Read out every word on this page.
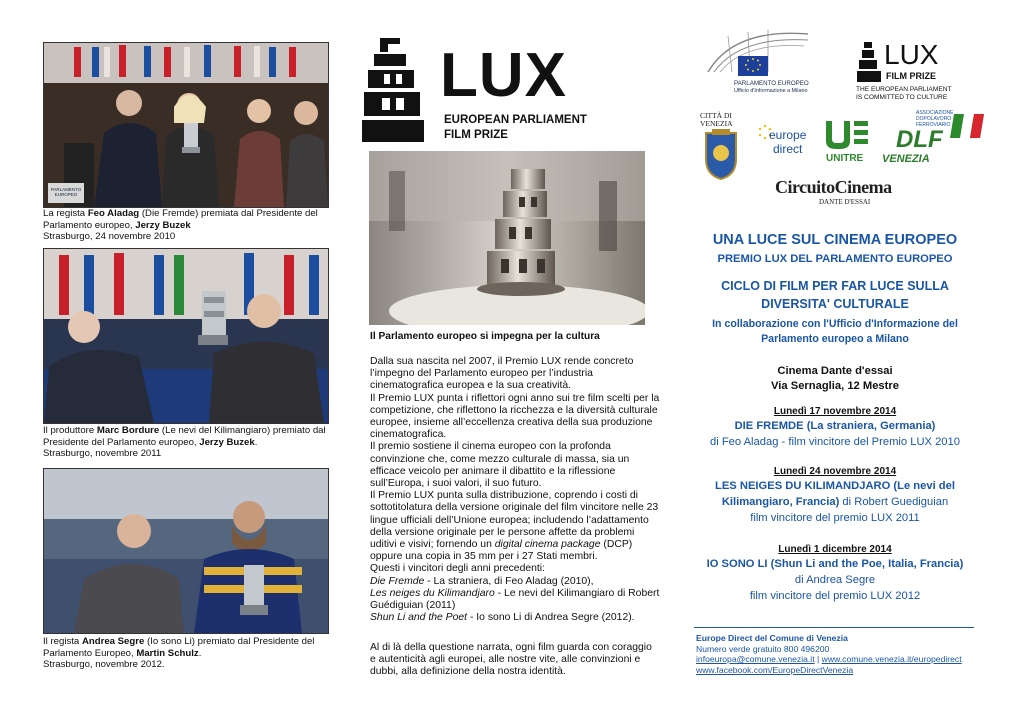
PARLAMENTO EUROPEO
La regista Feo Aladag (Die Fremde) premiata dal Presidente del Parlamento europeo, Jerzy Buzek
Strasburgo, 24 novembre 2010
Il produttore Marc Bordure (Le nevi del Kilimangiaro) premiato dal Presidente del Parlamento europeo, Jerzy Buzek.
Strasburgo, novembre 2011
Il regista Andrea Segre (Io sono Li) premiato dal Presidente del Parlamento Europeo, Martin Schulz.
Strasburgo, novembre 2012.
LUX
EUROPEAN PARLIAMENT
FILM PRIZE
Il Parlamento europeo si impegna per la cultura
Dalla sua nascita nel 2007, il Premio LUX rende concreto l’impegno del Parlamento europeo per l’industria cinematografica europea e la sua creatività.
Il Premio LUX punta i riflettori ogni anno sui tre film scelti per la competizione, che riflettono la ricchezza e la diversità culturale europee, insieme all’eccellenza creativa della sua produzione cinematografica.
Il premio sostiene il cinema europeo con la profonda convinzione che, come mezzo culturale di massa, sia un efficace veicolo per animare il dibattito e la riflessione sull’Europa, i suoi valori, il suo futuro.
Il Premio LUX punta sulla distribuzione, coprendo i costi di sottotitolatura della versione originale del film vincitore nelle 23 lingue ufficiali dell’Unione europea; includendo l’adattamento della versione originale per le persone affette da problemi uditivi e visivi; fornendo un digital cinema package (DCP) oppure una copia in 35 mm per i 27 Stati membri.
Questi i vincitori degli anni precedenti:
Die Fremde - La straniera, di Feo Aladag (2010),
Les neiges du Kilimandjaro - Le nevi del Kilimangiaro di Robert Guédiguian (2011)
Shun Li and the Poet - Io sono Li di Andrea Segre (2012).
Al di là della questione narrata, ogni film guarda con coraggio e autenticità agli europei, alle nostre vite, alle convinzioni e dubbi, alla definizione della nostra identità.
PARLAMENTO EUROPEO
Ufficio d'Informazione a Milano
LUX
FILM PRIZE
THE EUROPEAN PARLIAMENT
IS COMMITTED TO CULTURE
CITTÀ DI
VENEZIA
europe
direct
UNITRE
ASSOCIAZIONE
DOPOLAVORO
FERROVIARIO
DLF
VENEZIA
CircuitoCinema
DANTE D'ESSAI
UNA LUCE SUL CINEMA EUROPEO
PREMIO LUX DEL PARLAMENTO EUROPEO
CICLO DI FILM PER FAR LUCE SULLA
DIVERSITA' CULTURALE
In collaborazione con l'Ufficio d'Informazione del
Parlamento europeo a Milano
Cinema Dante d'essai
Via Sernaglia, 12 Mestre
Lunedì 17 novembre 2014
DIE FREMDE (La straniera, Germania)
di Feo Aladag - film vincitore del Premio LUX 2010
Lunedì 24 novembre 2014
LES NEIGES DU KILIMANDJARO (Le nevi del
Kilimangiaro, Francia) di Robert Guediguian
film vincitore del premio LUX 2011
Lunedì 1 dicembre 2014
IO SONO LI (Shun Li and the Poe, Italia, Francia)
di Andrea Segre
film vincitore del premio LUX 2012
Europe Direct del Comune di Venezia
Numero verde gratuito 800 496200
infoeuropa@comune.venezia.it | www.comune.venezia.it/europedirect
www.facebook.com/EuropeDirectVenezia
